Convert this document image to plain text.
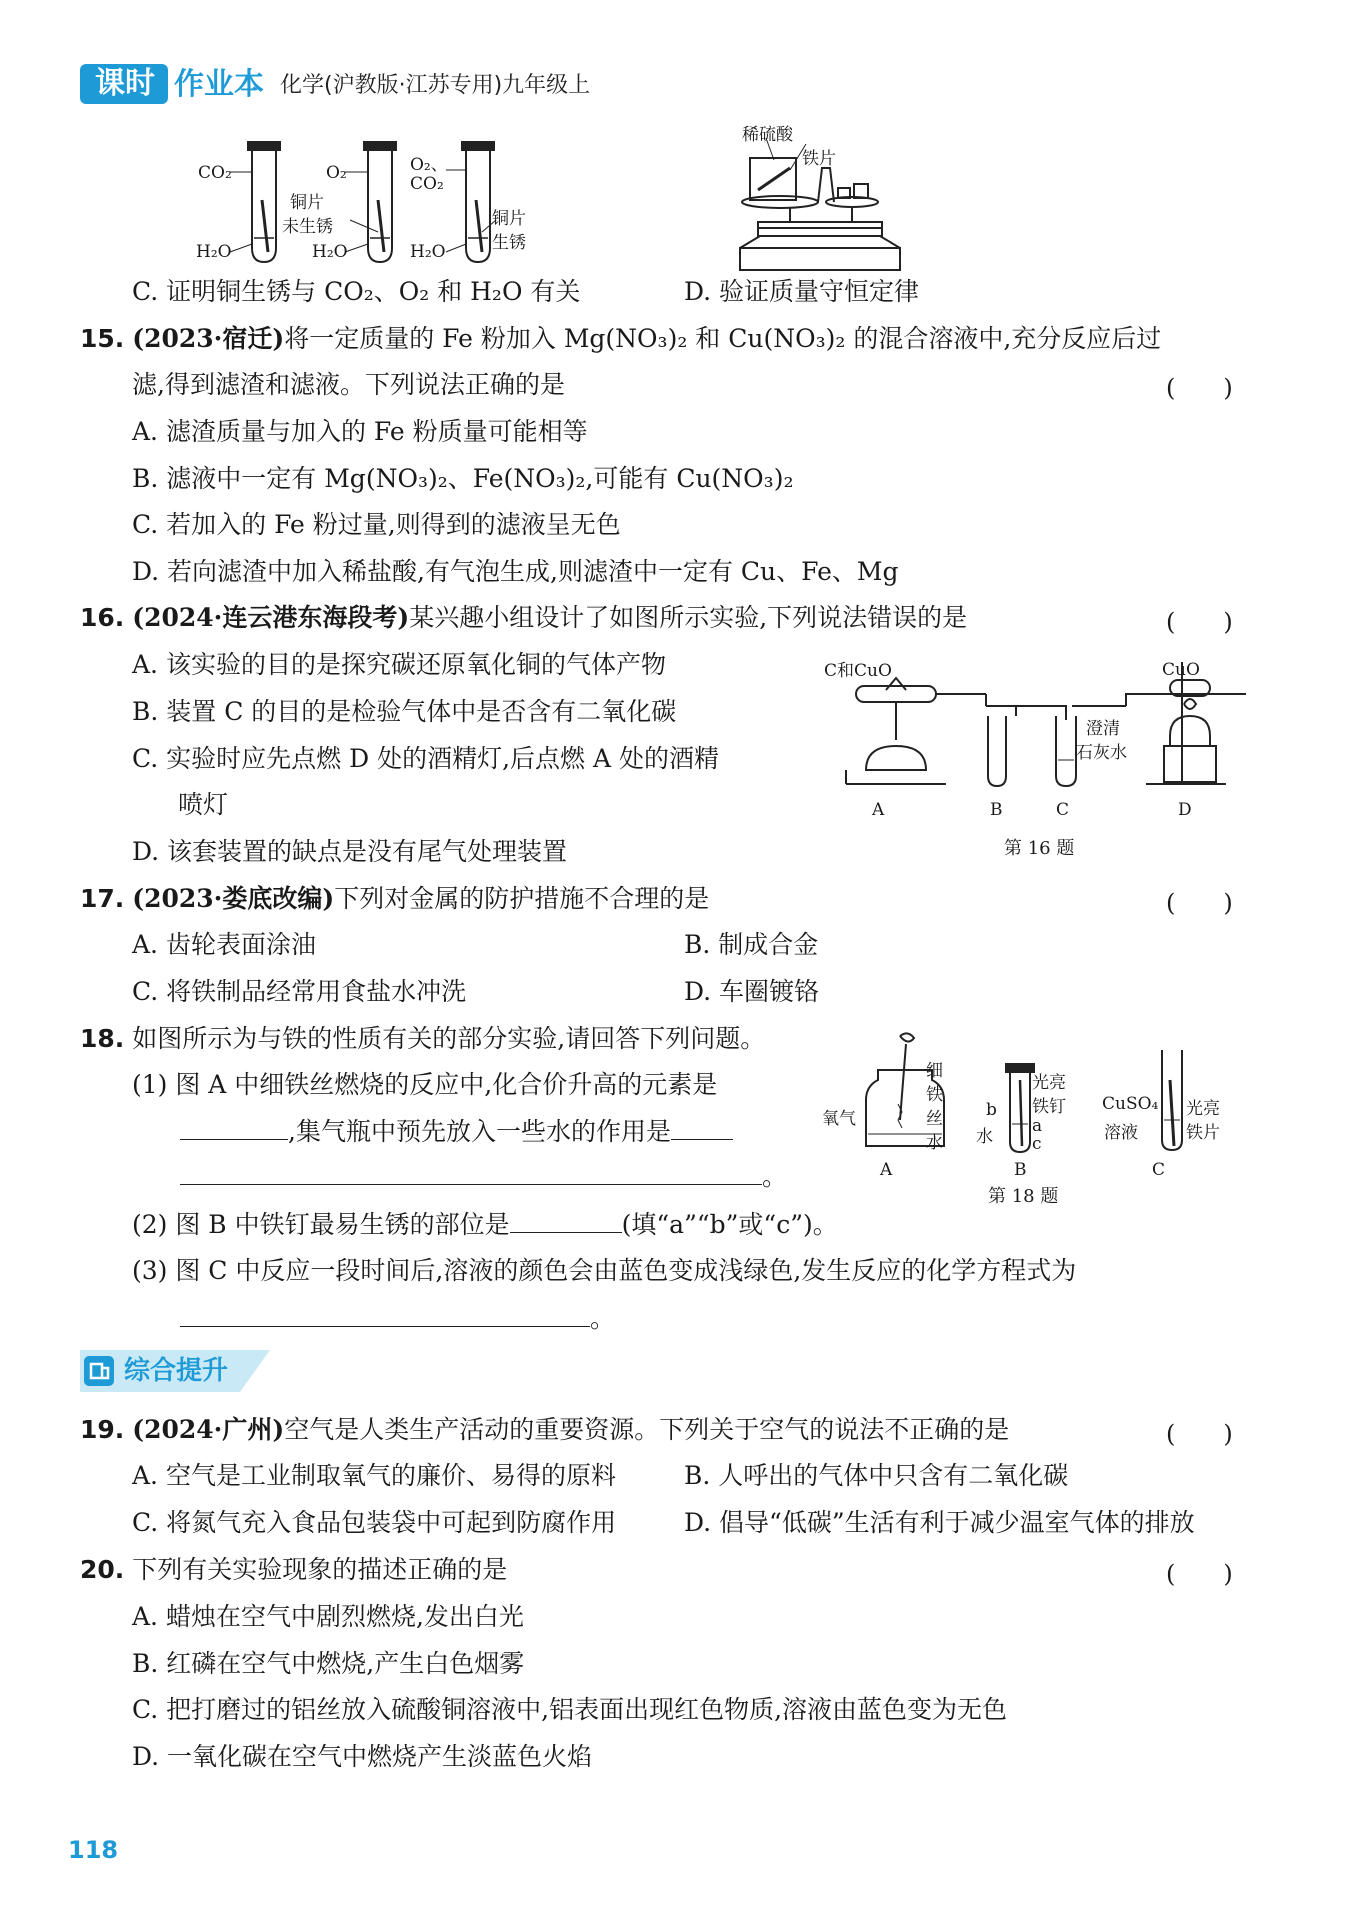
课时 作业本 化学(沪教版·江苏专用)九年级上
CO₂
H₂O
O₂
铜片
未生锈
H₂O
O₂、
CO₂
铜片
生锈
H₂O
稀硫酸
铁片
C. 证明铜生锈与 CO₂、O₂ 和 H₂O 有关	D. 验证质量守恒定律
15. (2023·宿迁)将一定质量的 Fe 粉加入 Mg(NO₃)₂ 和 Cu(NO₃)₂ 的混合溶液中,充分反应后过
滤,得到滤渣和滤液。下列说法正确的是	(　　)
A. 滤渣质量与加入的 Fe 粉质量可能相等
B. 滤液中一定有 Mg(NO₃)₂、Fe(NO₃)₂,可能有 Cu(NO₃)₂
C. 若加入的 Fe 粉过量,则得到的滤液呈无色
D. 若向滤渣中加入稀盐酸,有气泡生成,则滤渣中一定有 Cu、Fe、Mg
16. (2024·连云港东海段考)某兴趣小组设计了如图所示实验,下列说法错误的是	(　　)
A. 该实验的目的是探究碳还原氧化铜的气体产物
B. 装置 C 的目的是检验气体中是否含有二氧化碳
C. 实验时应先点燃 D 处的酒精灯,后点燃 A 处的酒精
喷灯
D. 该套装置的缺点是没有尾气处理装置
C和CuO	CuO
澄清
石灰水
A	B	C	D
第 16 题
17. (2023·娄底改编)下列对金属的防护措施不合理的是	(　　)
A. 齿轮表面涂油	B. 制成合金
C. 将铁制品经常用食盐水冲洗	D. 车圈镀铬
18. 如图所示为与铁的性质有关的部分实验,请回答下列问题。
(1) 图 A 中细铁丝燃烧的反应中,化合价升高的元素是
,集气瓶中预先放入一些水的作用是
。
(2) 图 B 中铁钉最易生锈的部位是	(填“a”“b”或“c”)。
(3) 图 C 中反应一段时间后,溶液的颜色会由蓝色变成浅绿色,发生反应的化学方程式为
。
氧气
细
铁
丝
水
光亮
铁钉
b
a
c
水
CuSO₄
溶液
光亮
铁片
A	B	C
第 18 题
综合提升
19. (2024·广州)空气是人类生产活动的重要资源。下列关于空气的说法不正确的是	(　　)
A. 空气是工业制取氧气的廉价、易得的原料	B. 人呼出的气体中只含有二氧化碳
C. 将氮气充入食品包装袋中可起到防腐作用	D. 倡导“低碳”生活有利于减少温室气体的排放
20. 下列有关实验现象的描述正确的是	(　　)
A. 蜡烛在空气中剧烈燃烧,发出白光
B. 红磷在空气中燃烧,产生白色烟雾
C. 把打磨过的铝丝放入硫酸铜溶液中,铝表面出现红色物质,溶液由蓝色变为无色
D. 一氧化碳在空气中燃烧产生淡蓝色火焰
118
